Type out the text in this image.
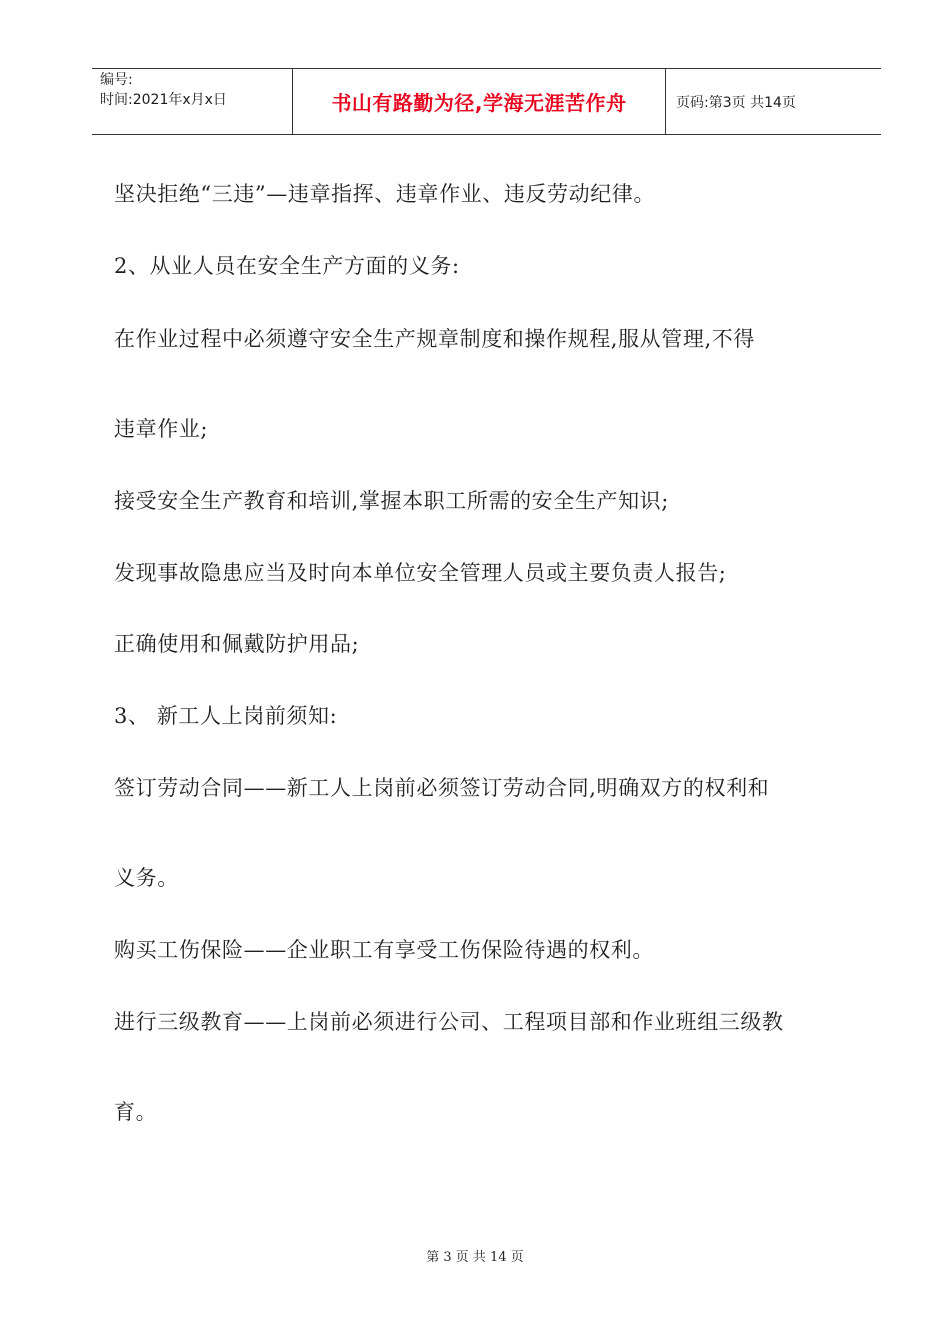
编号:
时间:2021年x月x日	书山有路勤为径,学海无涯苦作舟	页码:第3页 共14页

坚决拒绝“三违”—违章指挥、违章作业、违反劳动纪律。

2、从业人员在安全生产方面的义务:

在作业过程中必须遵守安全生产规章制度和操作规程,服从管理,不得

违章作业;

接受安全生产教育和培训,掌握本职工所需的安全生产知识;

发现事故隐患应当及时向本单位安全管理人员或主要负责人报告;

正确使用和佩戴防护用品;

3、 新工人上岗前须知:

签订劳动合同——新工人上岗前必须签订劳动合同,明确双方的权利和

义务。

购买工伤保险——企业职工有享受工伤保险待遇的权利。

进行三级教育——上岗前必须进行公司、工程项目部和作业班组三级教

育。

第 3 页 共 14 页
